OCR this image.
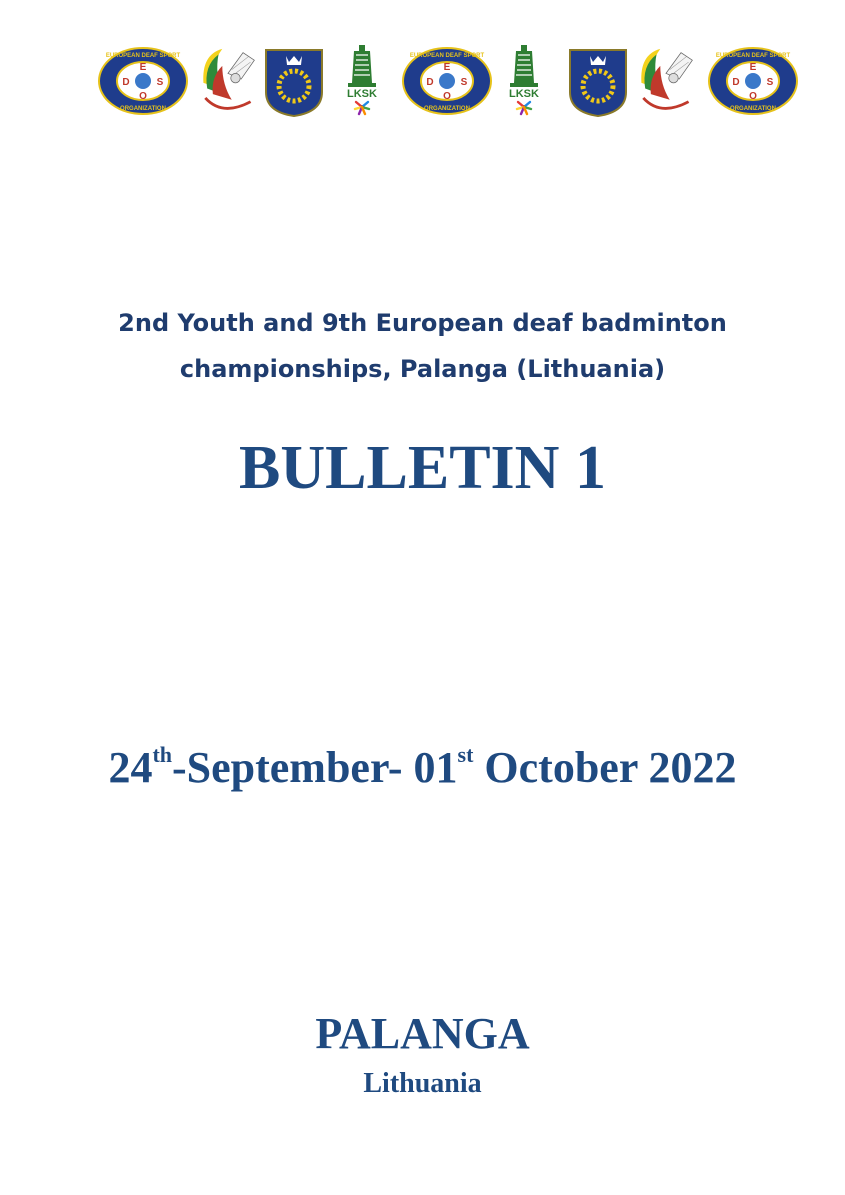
2nd Youth and 9th European deaf badminton
championships, Palanga (Lithuania)
BULLETIN 1
24th-September- 01st October 2022
PALANGA
Lithuania
